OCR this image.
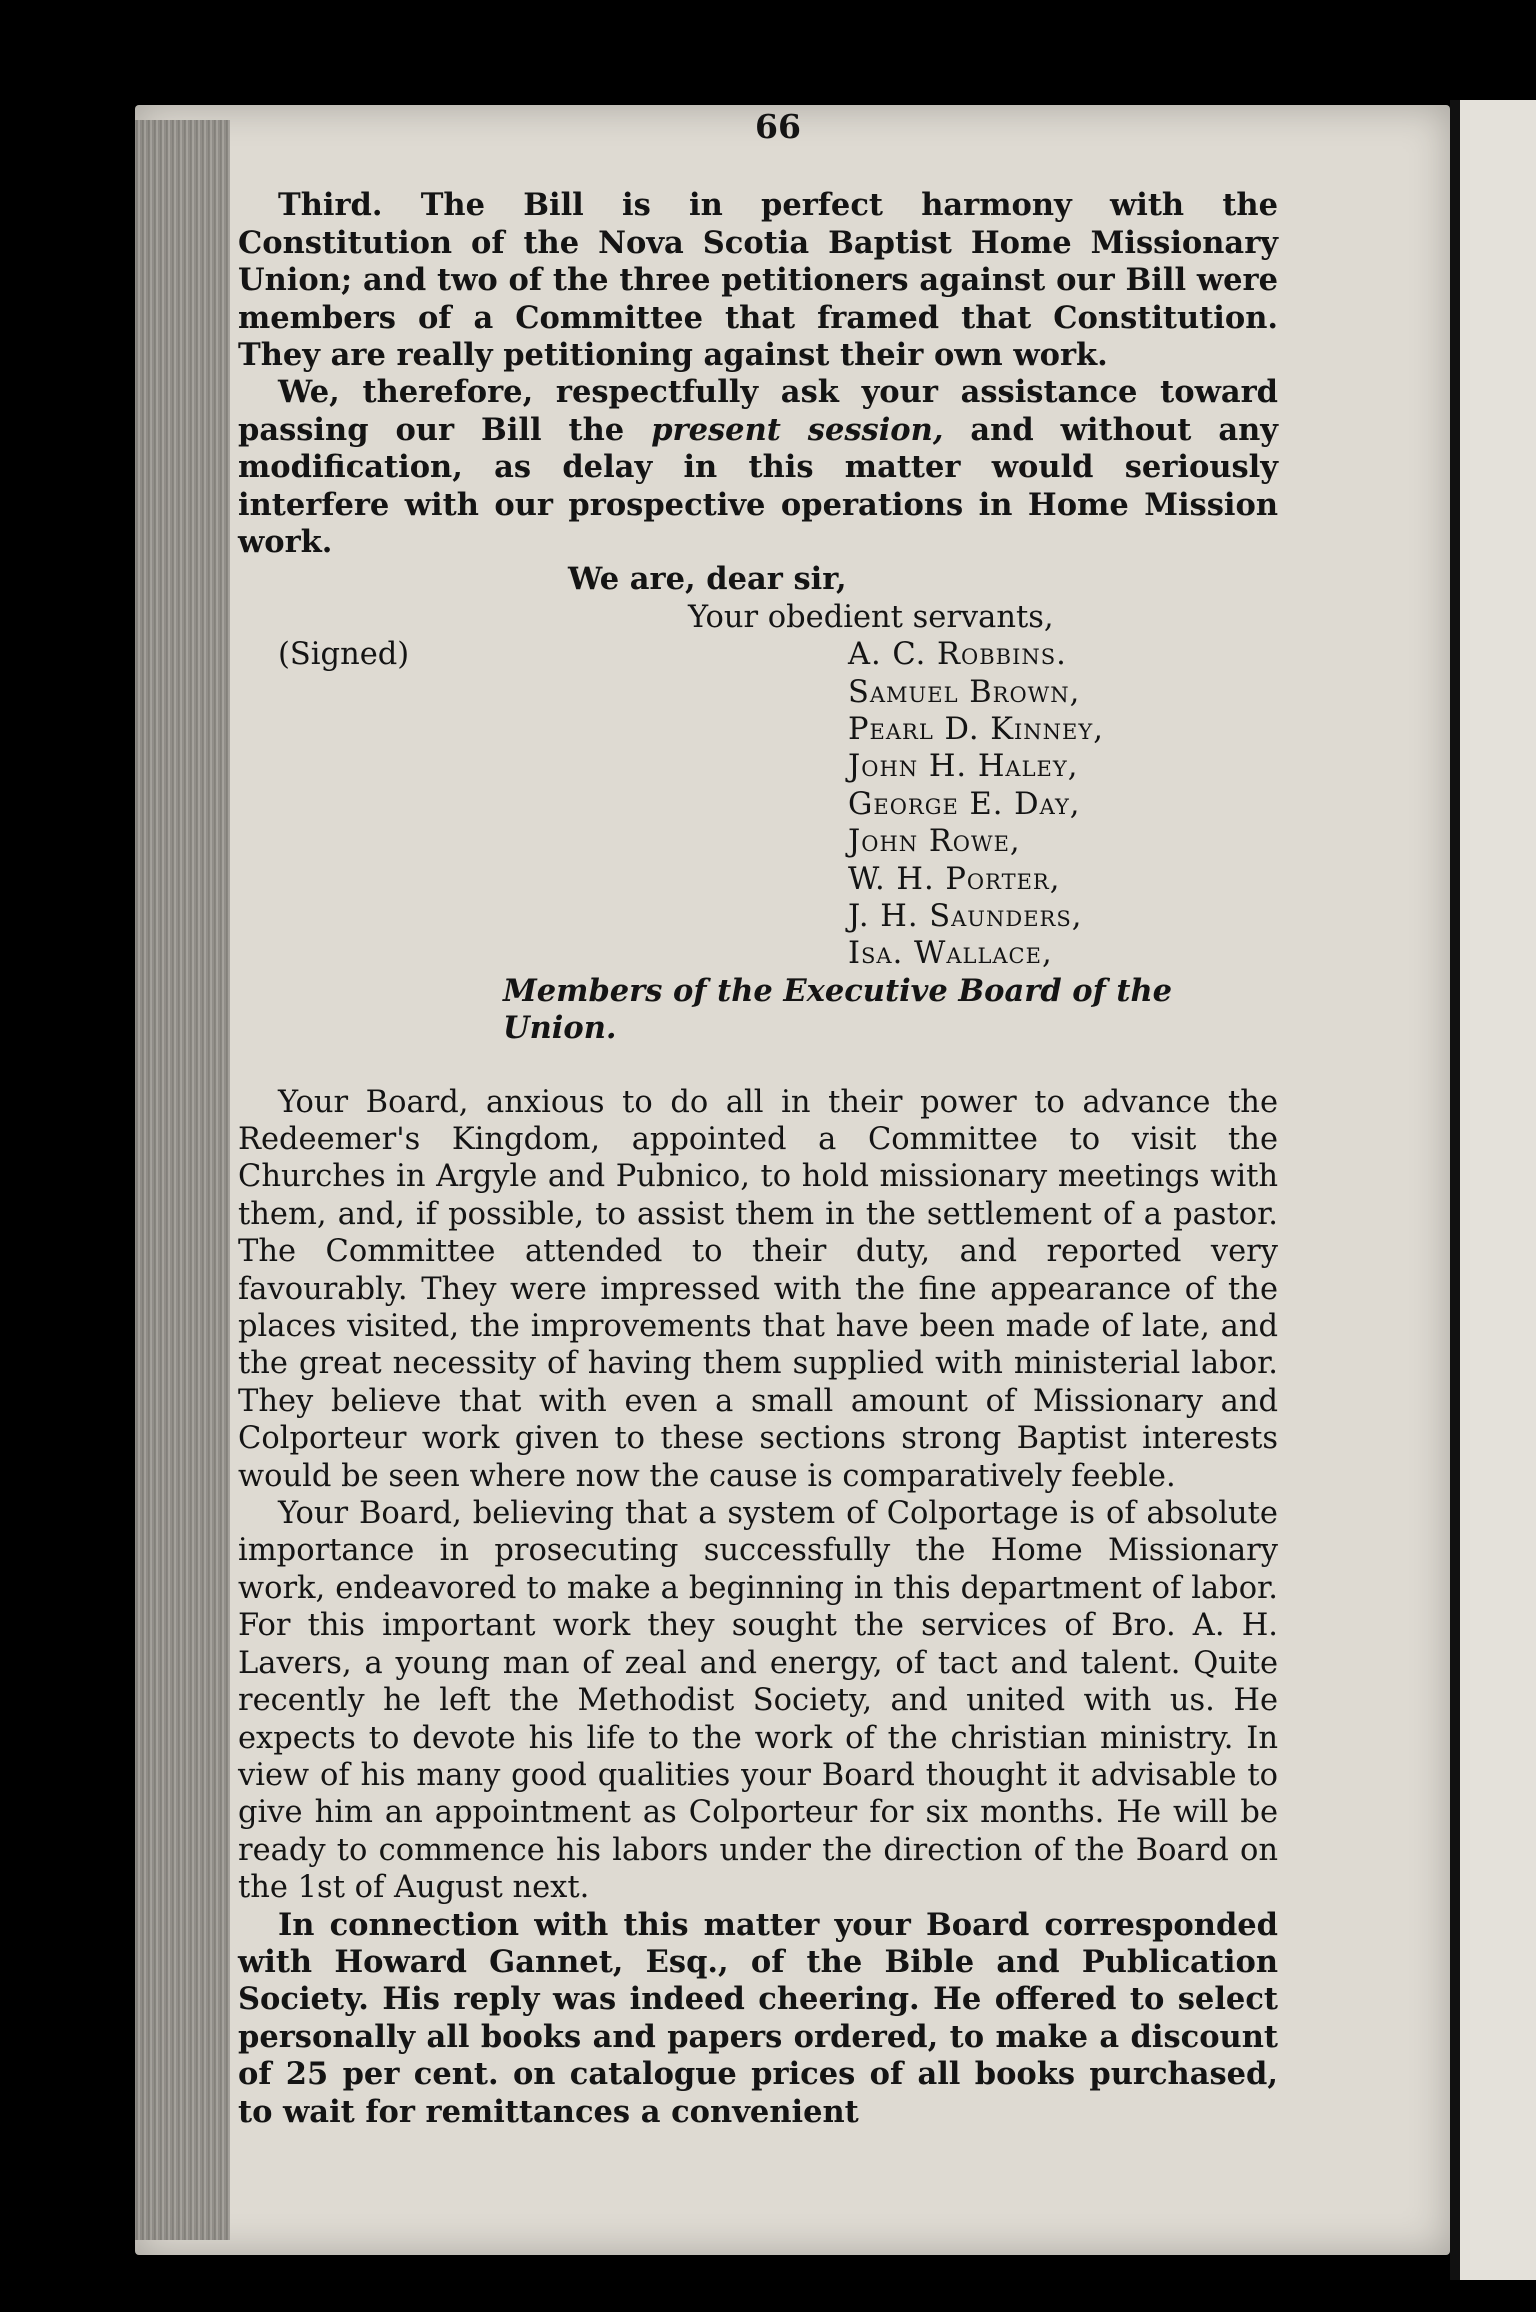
66

Third. The Bill is in perfect harmony with the Constitution of the Nova Scotia Baptist Home Missionary Union; and two of the three petitioners against our Bill were members of a Committee that framed that Constitution. They are really petitioning against their own work.

We, therefore, respectfully ask your assistance toward passing our Bill the present session, and without any modification, as delay in this matter would seriously interfere with our prospective operations in Home Mission work.

We are, dear sir,

Your obedient servants,

(Signed)	A. C. Robbins.

Samuel Brown,

Pearl D. Kinney,

John H. Haley,

George E. Day,

John Rowe,

W. H. Porter,

J. H. Saunders,

Isa. Wallace,

Members of the Executive Board of the Union.

Your Board, anxious to do all in their power to advance the Redeemer's Kingdom, appointed a Committee to visit the Churches in Argyle and Pubnico, to hold missionary meetings with them, and, if possible, to assist them in the settlement of a pastor. The Committee attended to their duty, and reported very favourably. They were impressed with the fine appearance of the places visited, the improvements that have been made of late, and the great necessity of having them supplied with ministerial labor. They believe that with even a small amount of Missionary and Colporteur work given to these sections strong Baptist interests would be seen where now the cause is comparatively feeble.

Your Board, believing that a system of Colportage is of absolute importance in prosecuting successfully the Home Missionary work, endeavored to make a beginning in this department of labor. For this important work they sought the services of Bro. A. H. Lavers, a young man of zeal and energy, of tact and talent. Quite recently he left the Methodist Society, and united with us. He expects to devote his life to the work of the christian ministry. In view of his many good qualities your Board thought it advisable to give him an appointment as Colporteur for six months. He will be ready to commence his labors under the direction of the Board on the 1st of August next.

In connection with this matter your Board corresponded with Howard Gannet, Esq., of the Bible and Publication Society. His reply was indeed cheering. He offered to select personally all books and papers ordered, to make a discount of 25 per cent. on catalogue prices of all books purchased, to wait for remittances a convenient
